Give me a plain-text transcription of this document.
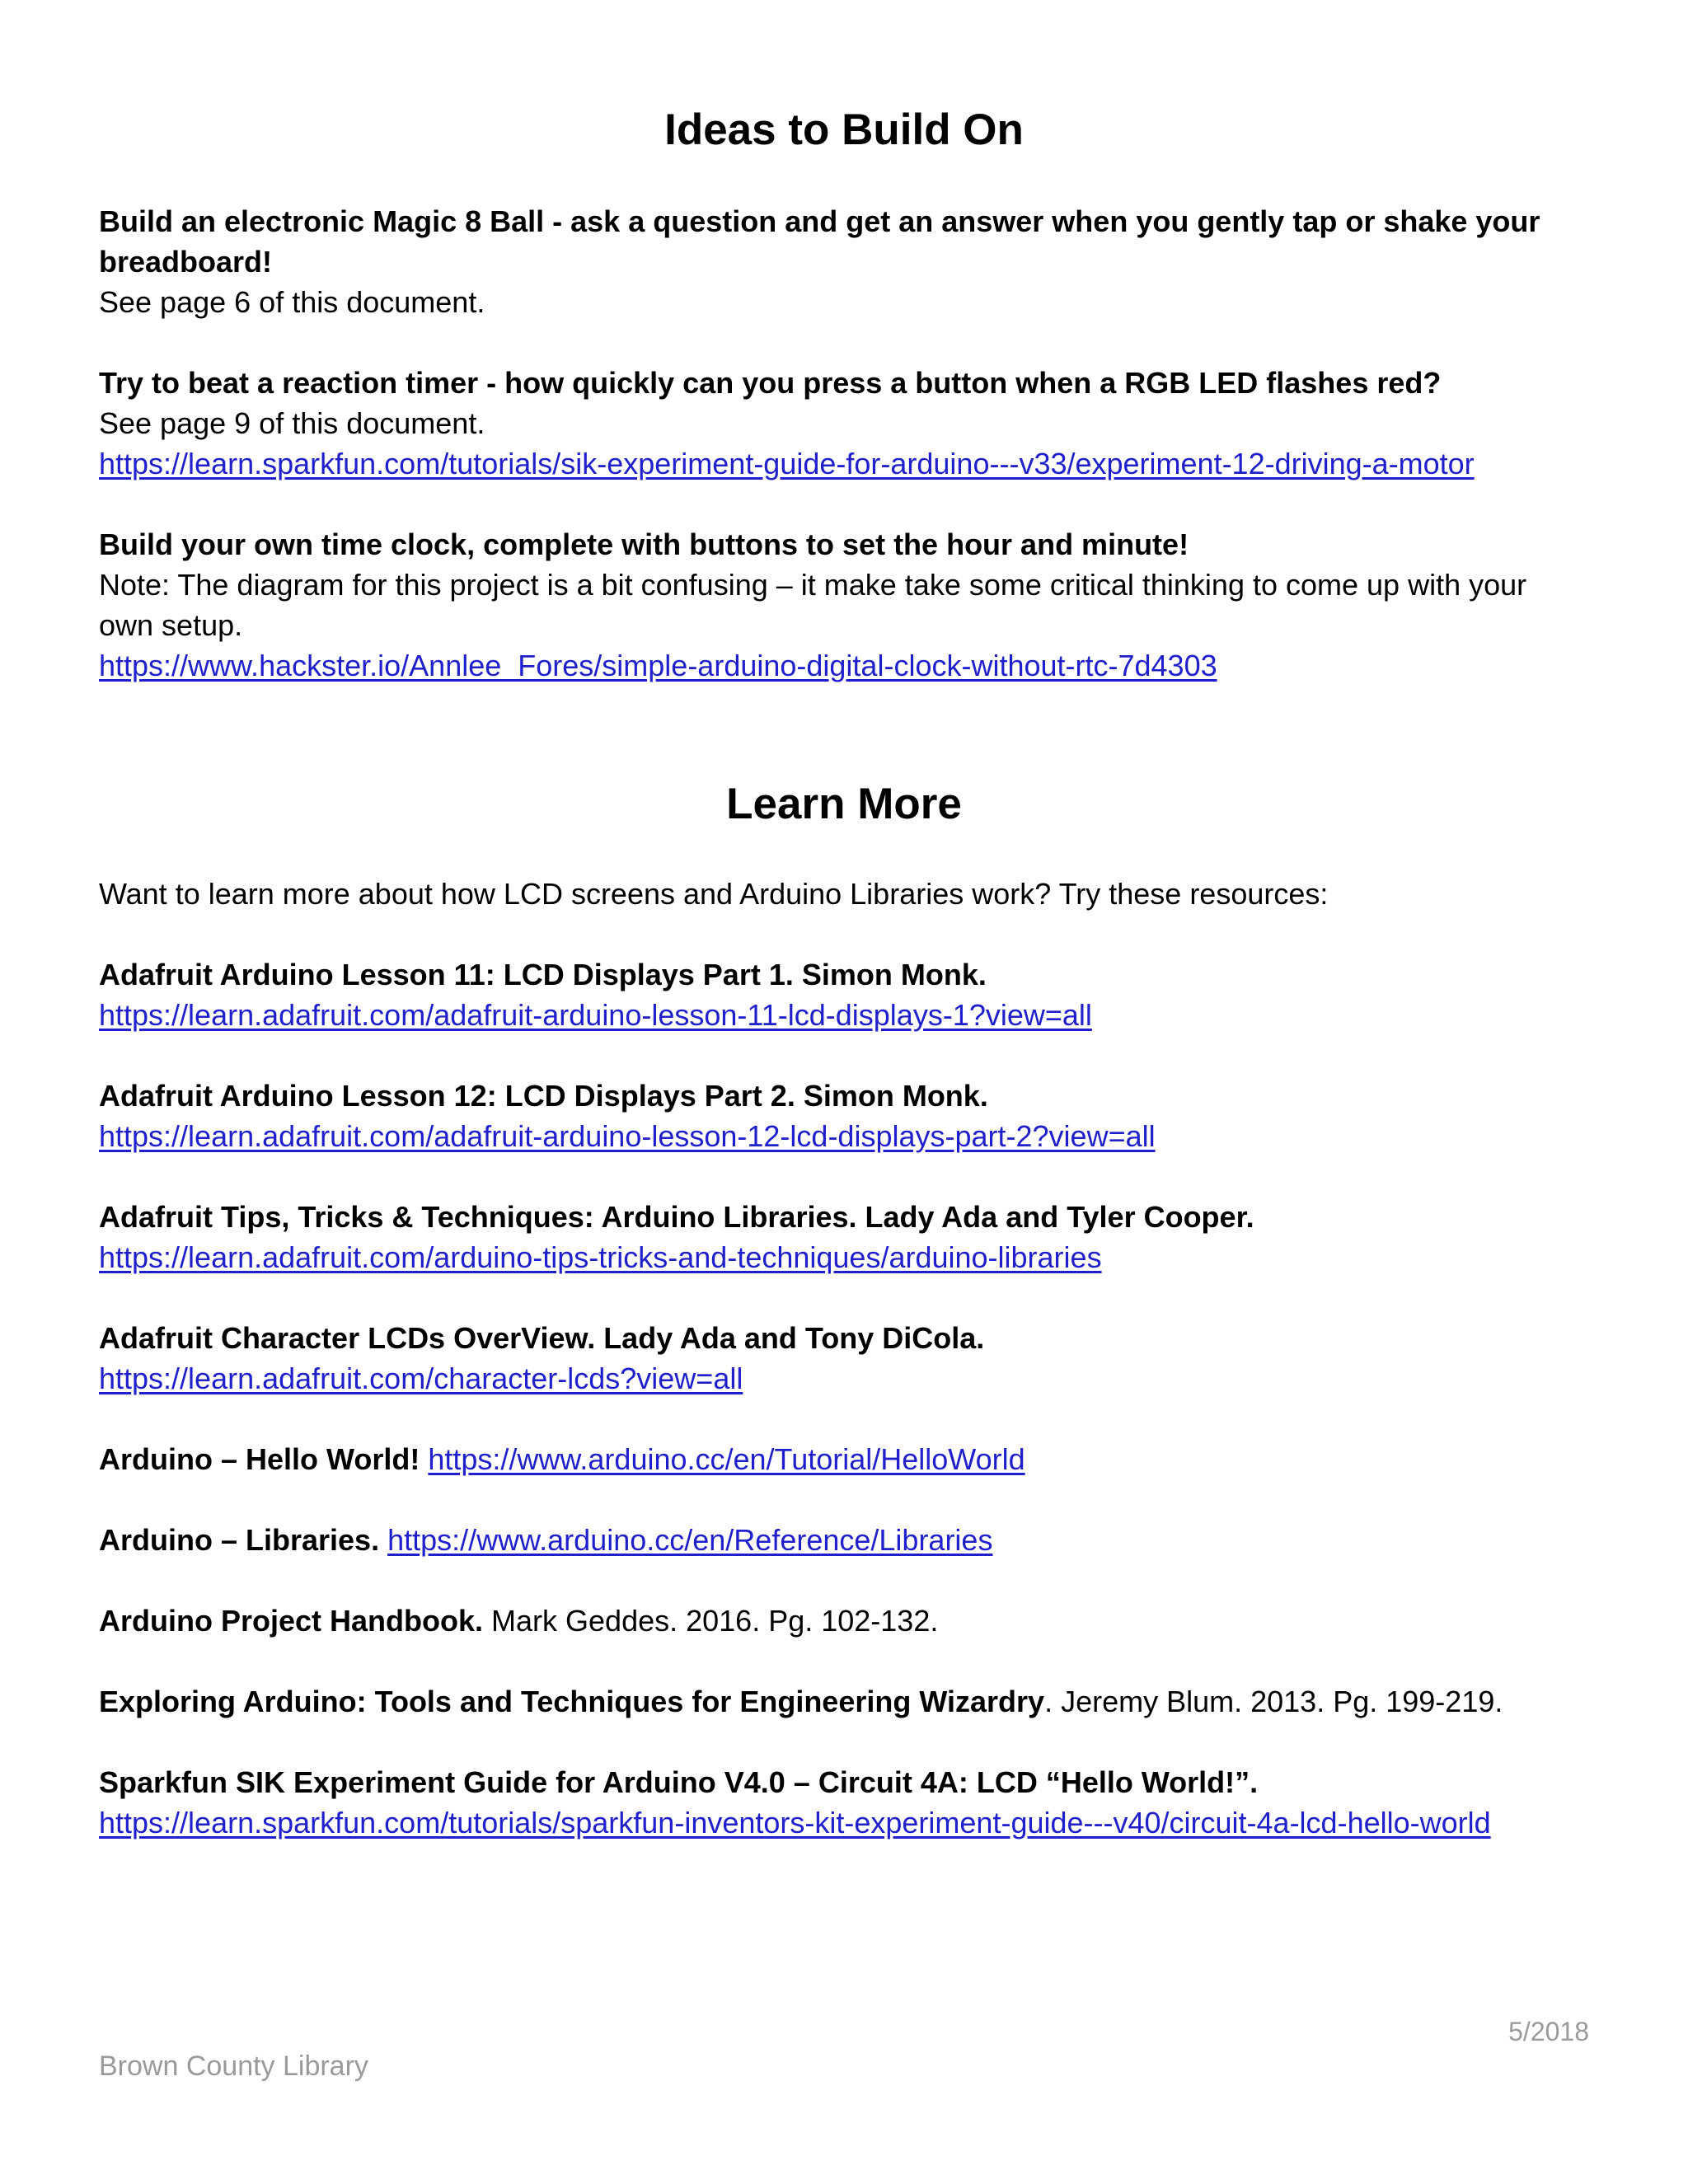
Ideas to Build On
Build an electronic Magic 8 Ball - ask a question and get an answer when you gently tap or shake your
breadboard!
See page 6 of this document.
Try to beat a reaction timer - how quickly can you press a button when a RGB LED flashes red?
See page 9 of this document.
https://learn.sparkfun.com/tutorials/sik-experiment-guide-for-arduino---v33/experiment-12-driving-a-motor
Build your own time clock, complete with buttons to set the hour and minute!
Note: The diagram for this project is a bit confusing – it make take some critical thinking to come up with your
own setup.
https://www.hackster.io/Annlee_Fores/simple-arduino-digital-clock-without-rtc-7d4303
Learn More
Want to learn more about how LCD screens and Arduino Libraries work? Try these resources:
Adafruit Arduino Lesson 11: LCD Displays Part 1. Simon Monk.
https://learn.adafruit.com/adafruit-arduino-lesson-11-lcd-displays-1?view=all
Adafruit Arduino Lesson 12: LCD Displays Part 2. Simon Monk.
https://learn.adafruit.com/adafruit-arduino-lesson-12-lcd-displays-part-2?view=all
Adafruit Tips, Tricks & Techniques: Arduino Libraries. Lady Ada and Tyler Cooper.
https://learn.adafruit.com/arduino-tips-tricks-and-techniques/arduino-libraries
Adafruit Character LCDs OverView. Lady Ada and Tony DiCola.
https://learn.adafruit.com/character-lcds?view=all
Arduino – Hello World! https://www.arduino.cc/en/Tutorial/HelloWorld
Arduino – Libraries. https://www.arduino.cc/en/Reference/Libraries
Arduino Project Handbook. Mark Geddes. 2016. Pg. 102-132.
Exploring Arduino: Tools and Techniques for Engineering Wizardry. Jeremy Blum. 2013. Pg. 199-219.
Sparkfun SIK Experiment Guide for Arduino V4.0 – Circuit 4A: LCD “Hello World!”.
https://learn.sparkfun.com/tutorials/sparkfun-inventors-kit-experiment-guide---v40/circuit-4a-lcd-hello-world
5/2018
Brown County Library
